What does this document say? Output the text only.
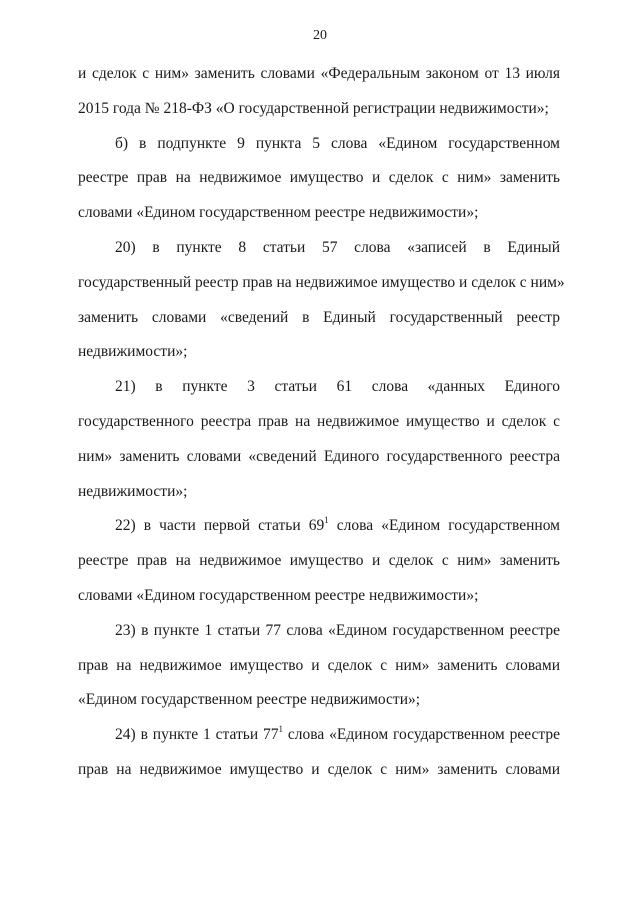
20
и сделок с ним» заменить словами «Федеральным законом от 13 июля
2015 года № 218-ФЗ «О государственной регистрации недвижимости»;
б) в подпункте 9 пункта 5 слова «Едином государственном
реестре прав на недвижимое имущество и сделок с ним» заменить
словами «Едином государственном реестре недвижимости»;
20) в пункте 8 статьи 57 слова «записей в Единый
государственный реестр прав на недвижимое имущество и сделок с ним»
заменить словами «сведений в Единый государственный реестр
недвижимости»;
21) в пункте 3 статьи 61 слова «данных Единого
государственного реестра прав на недвижимое имущество и сделок с
ним» заменить словами «сведений Единого государственного реестра
недвижимости»;
22) в части первой статьи $69^1$ слова «Едином государственном
реестре прав на недвижимое имущество и сделок с ним» заменить
словами «Едином государственном реестре недвижимости»;
23) в пункте 1 статьи 77 слова «Едином государственном реестре
прав на недвижимое имущество и сделок с ним» заменить словами
«Едином государственном реестре недвижимости»;
24) в пункте 1 статьи $77^1$ слова «Едином государственном реестре
прав на недвижимое имущество и сделок с ним» заменить словами
